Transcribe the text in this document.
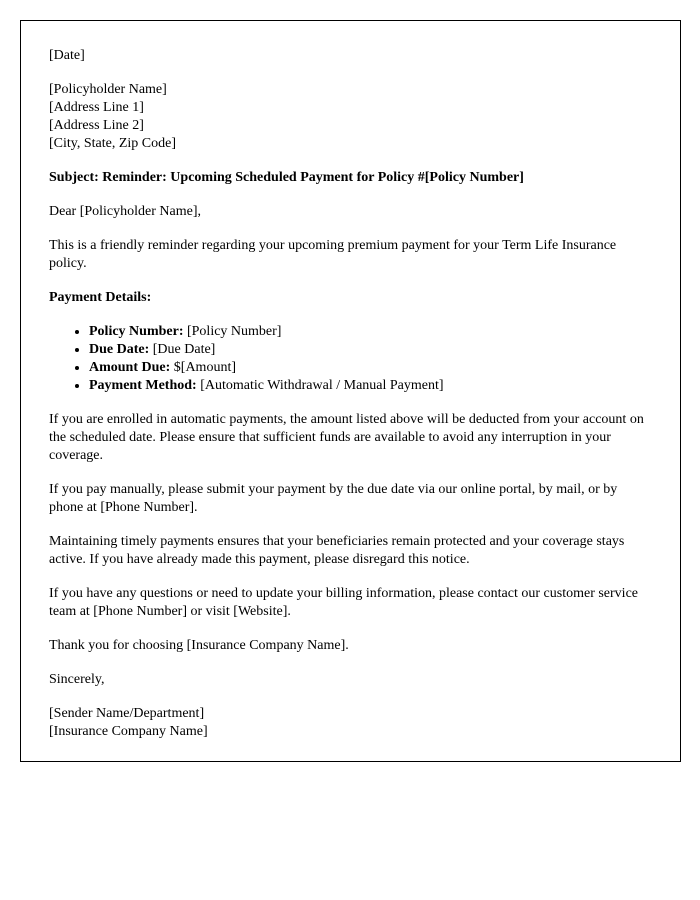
[Date]

[Policyholder Name]
[Address Line 1]
[Address Line 2]
[City, State, Zip Code]

Subject: Reminder: Upcoming Scheduled Payment for Policy #[Policy Number]

Dear [Policyholder Name],

This is a friendly reminder regarding your upcoming premium payment for your Term Life Insurance policy.

Payment Details:

• Policy Number: [Policy Number]
• Due Date: [Due Date]
• Amount Due: $[Amount]
• Payment Method: [Automatic Withdrawal / Manual Payment]

If you are enrolled in automatic payments, the amount listed above will be deducted from your account on the scheduled date. Please ensure that sufficient funds are available to avoid any interruption in your coverage.

If you pay manually, please submit your payment by the due date via our online portal, by mail, or by phone at [Phone Number].

Maintaining timely payments ensures that your beneficiaries remain protected and your coverage stays active. If you have already made this payment, please disregard this notice.

If you have any questions or need to update your billing information, please contact our customer service team at [Phone Number] or visit [Website].

Thank you for choosing [Insurance Company Name].

Sincerely,

[Sender Name/Department]
[Insurance Company Name]
